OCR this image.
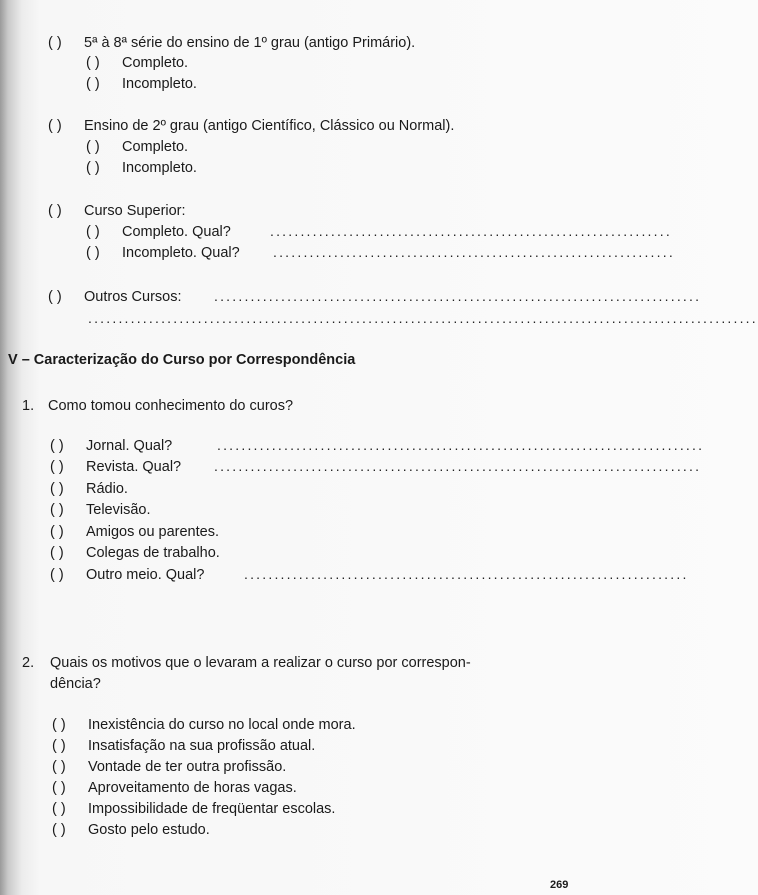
( ) 5ª à 8ª série do ensino de 1º grau (antigo Primário).
( ) Completo.
( ) Incompleto.
( ) Ensino de 2º grau (antigo Científico, Clássico ou Normal).
( ) Completo.
( ) Incompleto.
( ) Curso Superior:
( ) Completo. Qual?	..................................................................
( ) Incompleto. Qual? ..................................................................
( ) Outros Cursos: ................................................................................
..............................................................................................................
V – Caracterização do Curso por Correspondência
1. Como tomou conhecimento do curos?
( ) Jornal. Qual?	................................................................................
( ) Revista. Qual? ................................................................................
( ) Rádio.
( ) Televisão.
( ) Amigos ou parentes.
( ) Colegas de trabalho.
( ) Outro meio. Qual?	.........................................................................
2. Quais os motivos que o levaram a realizar o curso por correspon-
dência?
( ) Inexistência do curso no local onde mora.
( ) Insatisfação na sua profissão atual.
( ) Vontade de ter outra profissão.
( ) Aproveitamento de horas vagas.
( ) Impossibilidade de freqüentar escolas.
( ) Gosto pelo estudo.
269
